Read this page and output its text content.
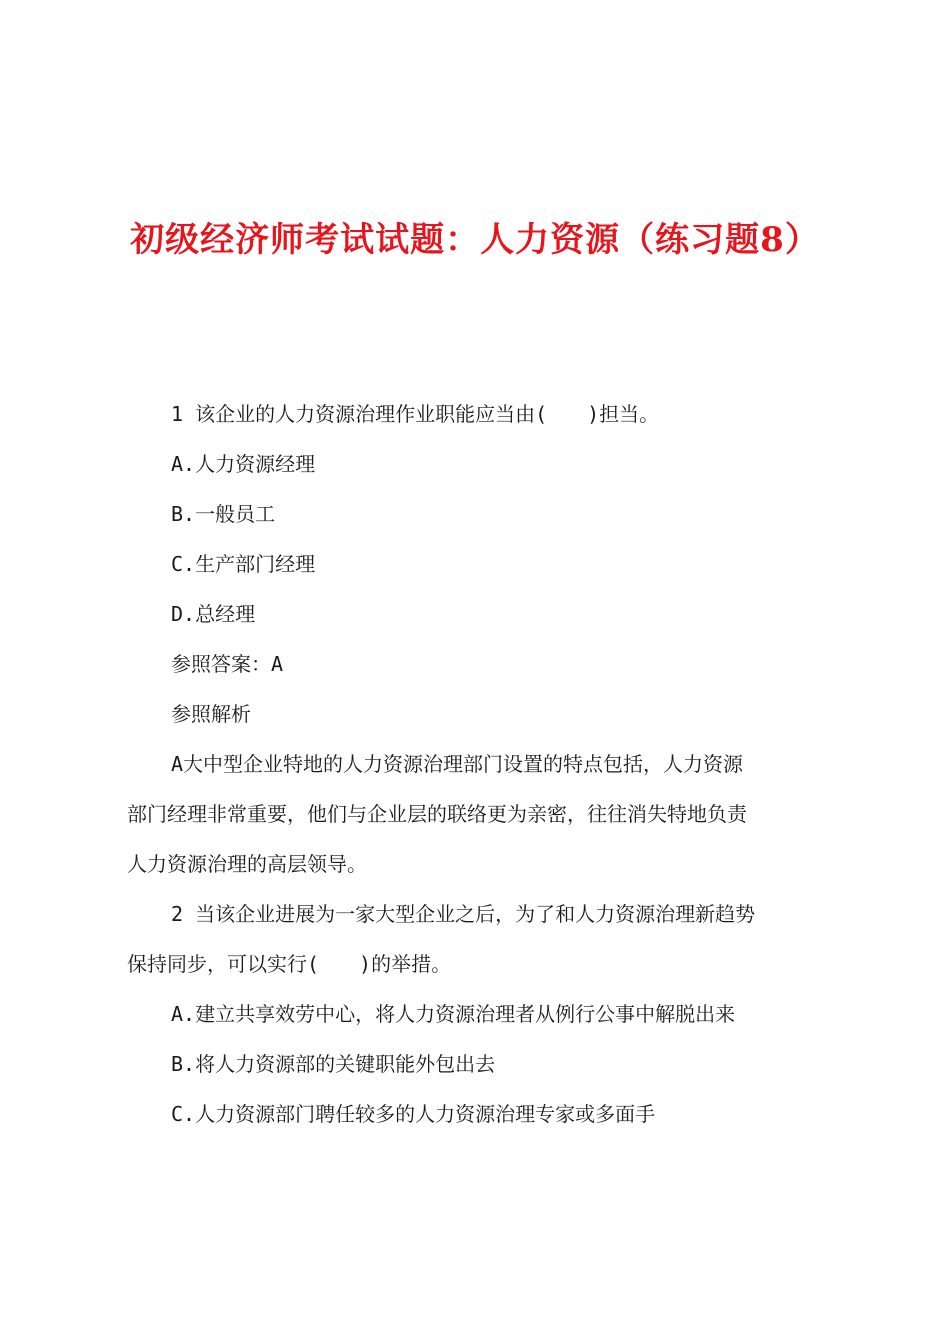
初级经济师考试试题：人力资源（练习题8）
1 该企业的人力资源治理作业职能应当由(　　)担当。
A.人力资源经理
B.一般员工
C.生产部门经理
D.总经理
参照答案：A
参照解析
A大中型企业特地的人力资源治理部门设置的特点包括，人力资源
部门经理非常重要，他们与企业层的联络更为亲密，往往消失特地负责
人力资源治理的高层领导。
2 当该企业进展为一家大型企业之后，为了和人力资源治理新趋势
保持同步，可以实行(　　)的举措。
A.建立共享效劳中心，将人力资源治理者从例行公事中解脱出来
B.将人力资源部的关键职能外包出去
C.人力资源部门聘任较多的人力资源治理专家或多面手
